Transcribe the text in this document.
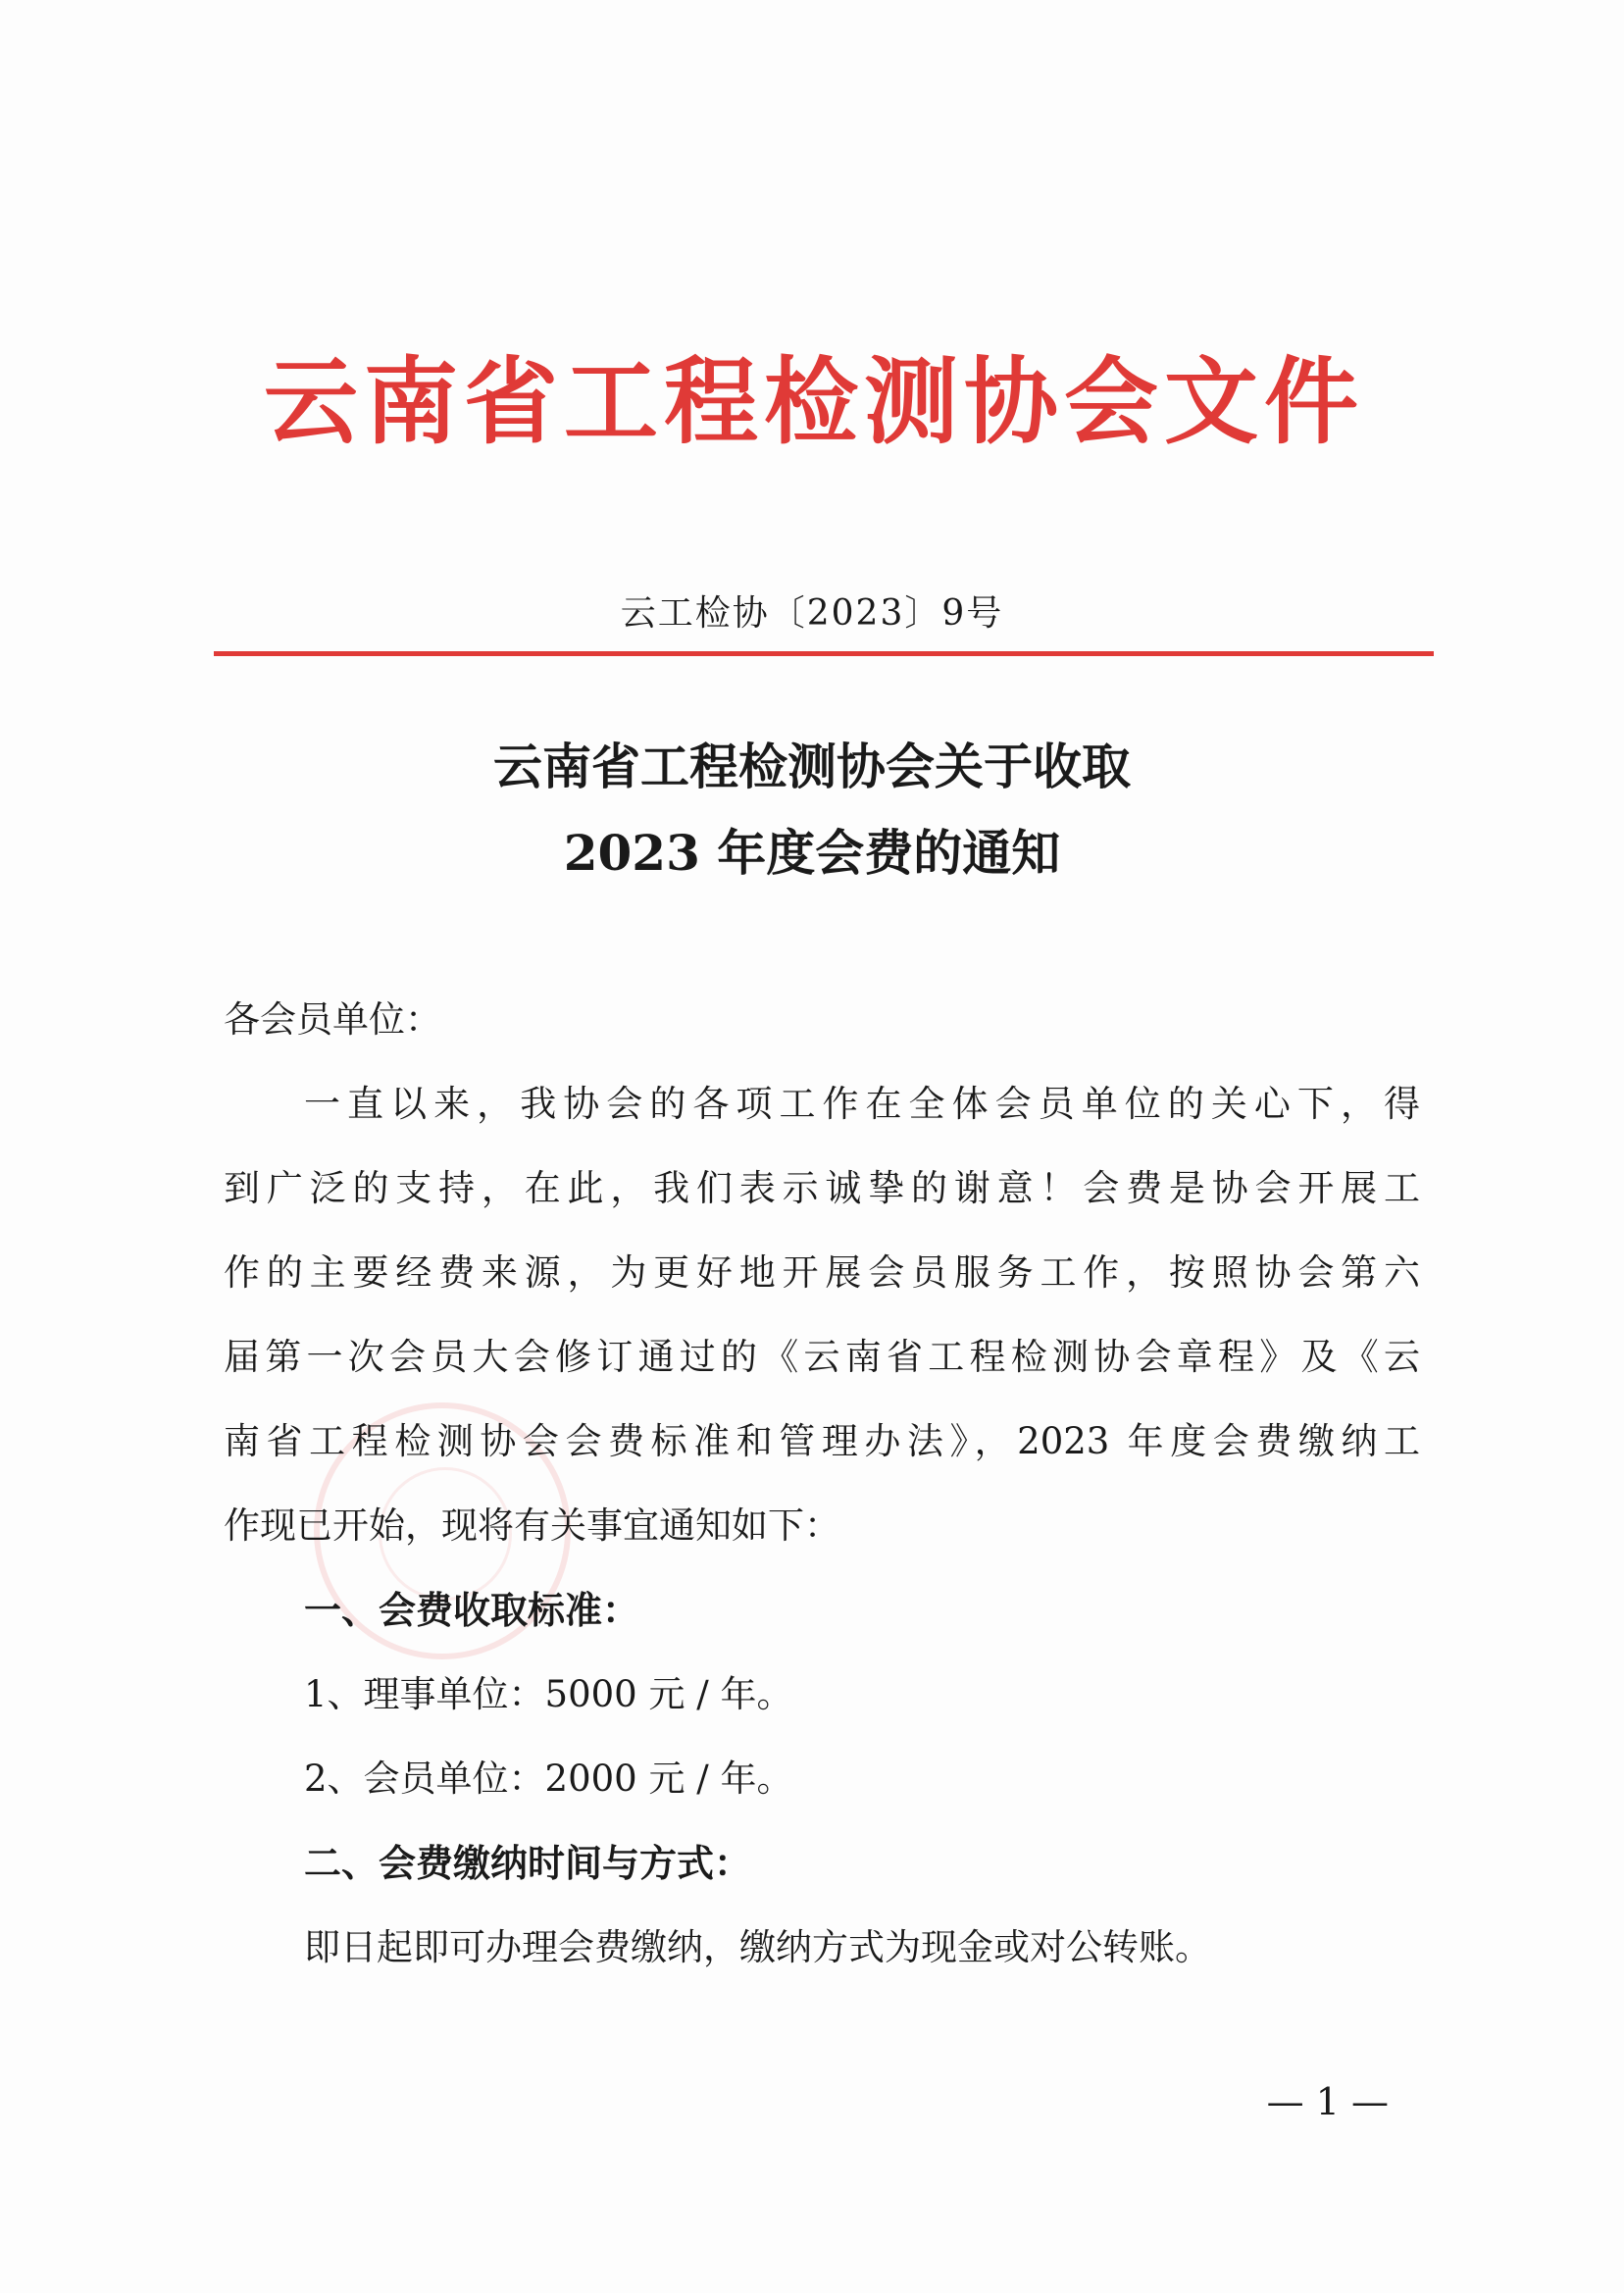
云南省工程检测协会文件
云工检协〔2023〕9号
云南省工程检测协会关于收取
2023 年度会费的通知
各会员单位：
一直以来，我协会的各项工作在全体会员单位的关心下，得
到广泛的支持，在此，我们表示诚挚的谢意！会费是协会开展工
作的主要经费来源，为更好地开展会员服务工作，按照协会第六
届第一次会员大会修订通过的《云南省工程检测协会章程》及《云
南省工程检测协会会费标准和管理办法》，2023 年度会费缴纳工
作现已开始，现将有关事宜通知如下：
一、会费收取标准：
1、理事单位：5000 元 / 年。
2、会员单位：2000 元 / 年。
二、会费缴纳时间与方式：
即日起即可办理会费缴纳，缴纳方式为现金或对公转账。
— 1 —
